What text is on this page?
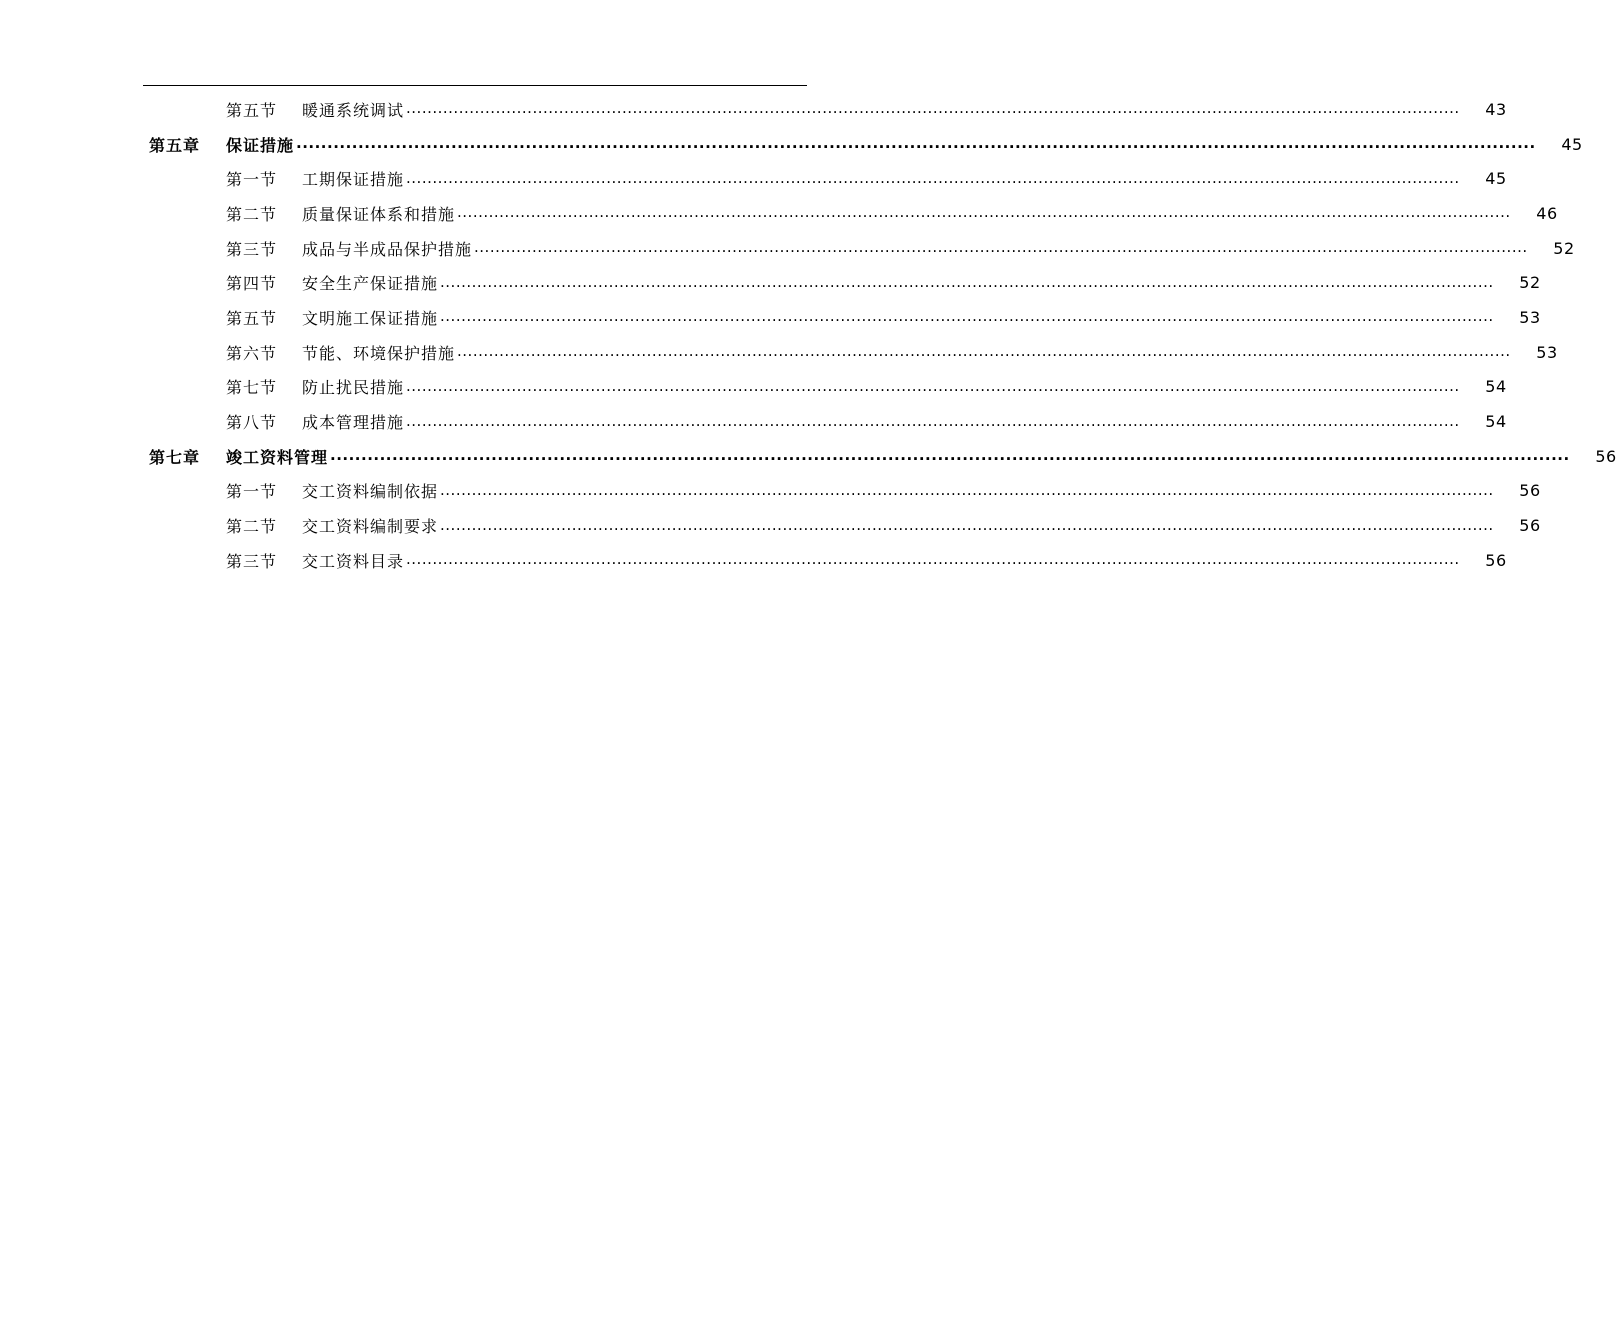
第五节	暖通系统调试 ........................................................................................................................................................................................................	43
第五章	保证措施 ........................................................................................................................................................................................................	45
第一节	工期保证措施 ........................................................................................................................................................................................................	45
第二节	质量保证体系和措施 ........................................................................................................................................................................................................	46
第三节	成品与半成品保护措施 ........................................................................................................................................................................................................	52
第四节	安全生产保证措施 ........................................................................................................................................................................................................	52
第五节	文明施工保证措施 ........................................................................................................................................................................................................	53
第六节	节能、环境保护措施 ........................................................................................................................................................................................................	53
第七节	防止扰民措施 ........................................................................................................................................................................................................	54
第八节	成本管理措施 ........................................................................................................................................................................................................	54
第七章	竣工资料管理 ........................................................................................................................................................................................................	56
第一节	交工资料编制依据 ........................................................................................................................................................................................................	56
第二节	交工资料编制要求 ........................................................................................................................................................................................................	56
第三节	交工资料目录 ........................................................................................................................................................................................................	56
